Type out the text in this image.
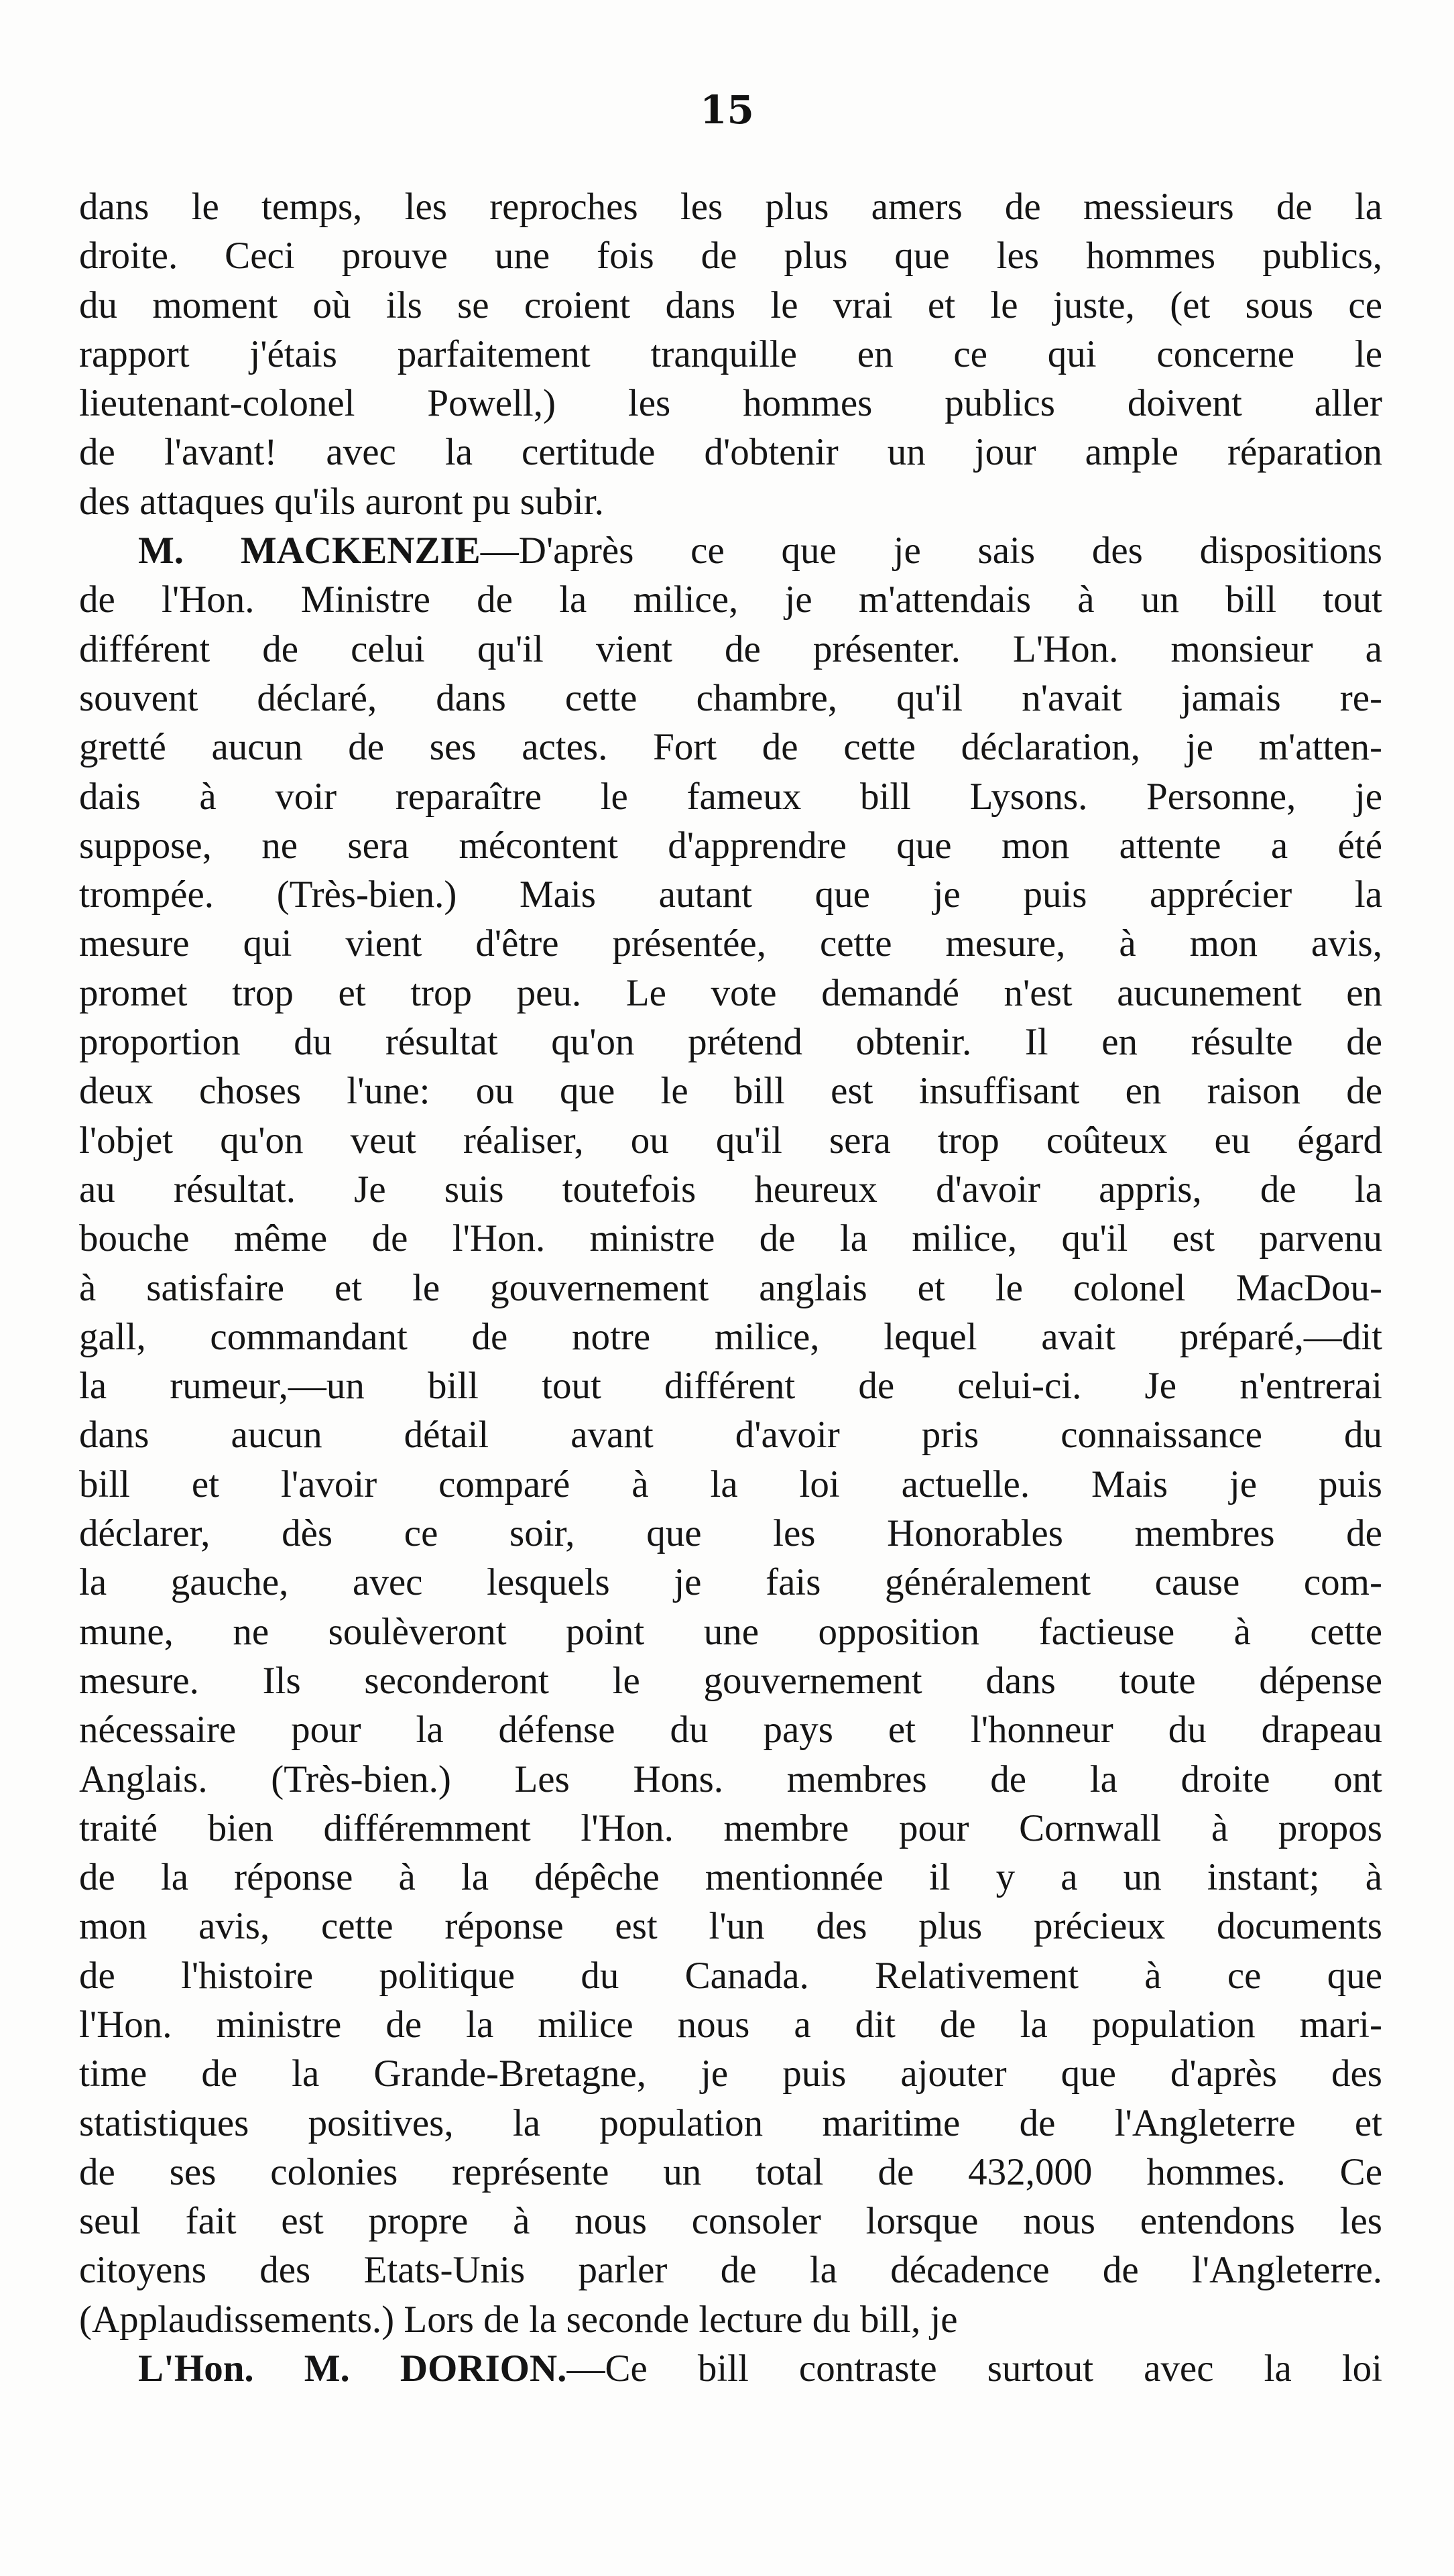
15
dans le temps, les reproches les plus amers de messieurs de la
droite. Ceci prouve une fois de plus que les hommes publics,
du moment où ils se croient dans le vrai et le juste, (et sous ce
rapport j'étais parfaitement tranquille en ce qui concerne le
lieutenant-colonel Powell,) les hommes publics doivent aller
de l'avant! avec la certitude d'obtenir un jour ample réparation
des attaques qu'ils auront pu subir.
M. MACKENZIE—D'après ce que je sais des dispositions
de l'Hon. Ministre de la milice, je m'attendais à un bill tout
différent de celui qu'il vient de présenter. L'Hon. monsieur a
souvent déclaré, dans cette chambre, qu'il n'avait jamais re-
gretté aucun de ses actes. Fort de cette déclaration, je m'atten-
dais à voir reparaître le fameux bill Lysons. Personne, je
suppose, ne sera mécontent d'apprendre que mon attente a été
trompée. (Très-bien.) Mais autant que je puis apprécier la
mesure qui vient d'être présentée, cette mesure, à mon avis,
promet trop et trop peu. Le vote demandé n'est aucunement en
proportion du résultat qu'on prétend obtenir. Il en résulte de
deux choses l'une: ou que le bill est insuffisant en raison de
l'objet qu'on veut réaliser, ou qu'il sera trop coûteux eu égard
au résultat. Je suis toutefois heureux d'avoir appris, de la
bouche même de l'Hon. ministre de la milice, qu'il est parvenu
à satisfaire et le gouvernement anglais et le colonel MacDou-
gall, commandant de notre milice, lequel avait préparé,—dit
la rumeur,—un bill tout différent de celui-ci. Je n'entrerai
dans aucun détail avant d'avoir pris connaissance du
bill et l'avoir comparé à la loi actuelle. Mais je puis
déclarer, dès ce soir, que les Honorables membres de
la gauche, avec lesquels je fais généralement cause com-
mune, ne soulèveront point une opposition factieuse à cette
mesure. Ils seconderont le gouvernement dans toute dépense
nécessaire pour la défense du pays et l'honneur du drapeau
Anglais. (Très-bien.) Les Hons. membres de la droite ont
traité bien différemment l'Hon. membre pour Cornwall à propos
de la réponse à la dépêche mentionnée il y a un instant; à
mon avis, cette réponse est l'un des plus précieux documents
de l'histoire politique du Canada. Relativement à ce que
l'Hon. ministre de la milice nous a dit de la population mari-
time de la Grande-Bretagne, je puis ajouter que d'après des
statistiques positives, la population maritime de l'Angleterre et
de ses colonies représente un total de 432,000 hommes. Ce
seul fait est propre à nous consoler lorsque nous entendons les
citoyens des Etats-Unis parler de la décadence de l'Angleterre.
(Applaudissements.) Lors de la seconde lecture du bill, je
L'Hon. M. DORION.—Ce bill contraste surtout avec la loi
